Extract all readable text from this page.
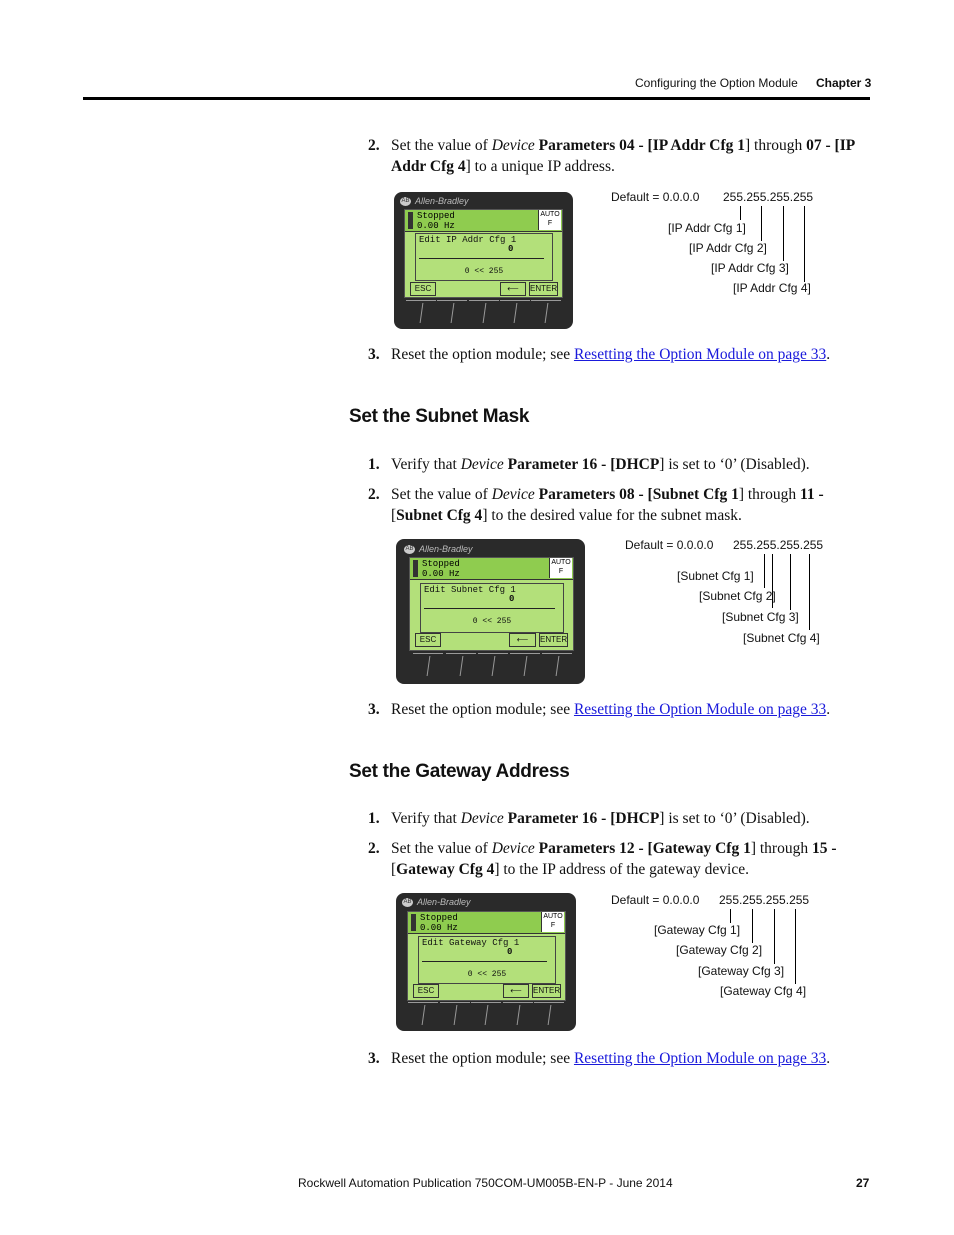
Configuring the Option Module Chapter 3
2. Set the value of Device Parameters 04 - [IP Addr Cfg 1] through 07 - [IP Addr Cfg 4] to a unique IP address.
AB Allen-Bradley
Stopped
0.00 Hz
AUTO
F
Edit IP Addr Cfg 1
0
0 << 255
ESC	⟵	ENTER
Default = 0.0.0.0 255.255.255.255
[IP Addr Cfg 1]
[IP Addr Cfg 2]
[IP Addr Cfg 3]
[IP Addr Cfg 4]
3. Reset the option module; see Resetting the Option Module on page 33.
Set the Subnet Mask
1. Verify that Device Parameter 16 - [DHCP] is set to ‘0’ (Disabled).
2. Set the value of Device Parameters 08 - [Subnet Cfg 1] through 11 -
[Subnet Cfg 4] to the desired value for the subnet mask.
AB Allen-Bradley
Stopped
0.00 Hz
AUTO
F
Edit Subnet Cfg 1
0
0 << 255
ESC	⟵	ENTER
Default = 0.0.0.0 255.255.255.255
[Subnet Cfg 1]
[Subnet Cfg 2]
[Subnet Cfg 3]
[Subnet Cfg 4]
3. Reset the option module; see Resetting the Option Module on page 33.
Set the Gateway Address
1. Verify that Device Parameter 16 - [DHCP] is set to ‘0’ (Disabled).
2. Set the value of Device Parameters 12 - [Gateway Cfg 1] through 15 -
[Gateway Cfg 4] to the IP address of the gateway device.
AB Allen-Bradley
Stopped
0.00 Hz
AUTO
F
Edit Gateway Cfg 1
0
0 << 255
ESC	⟵	ENTER
Default = 0.0.0.0 255.255.255.255
[Gateway Cfg 1]
[Gateway Cfg 2]
[Gateway Cfg 3]
[Gateway Cfg 4]
3. Reset the option module; see Resetting the Option Module on page 33.
Rockwell Automation Publication 750COM-UM005B-EN-P - June 2014	27
